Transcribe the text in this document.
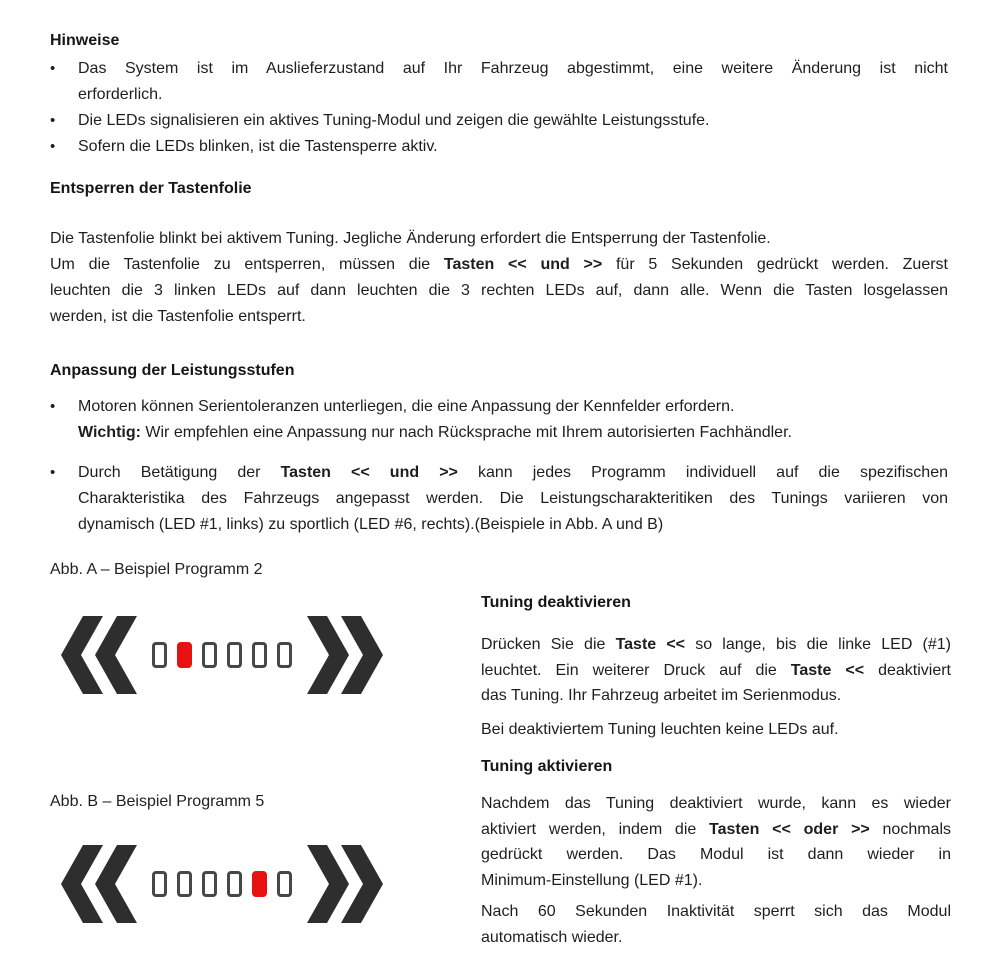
Hinweise
•	Das System ist im Auslieferzustand auf Ihr Fahrzeug abgestimmt, eine weitere Änderung ist nicht
erforderlich.
•	Die LEDs signalisieren ein aktives Tuning-Modul und zeigen die gewählte Leistungsstufe.
•	Sofern die LEDs blinken, ist die Tastensperre aktiv.
Entsperren der Tastenfolie
Die Tastenfolie blinkt bei aktivem Tuning. Jegliche Änderung erfordert die Entsperrung der Tastenfolie.
Um die Tastenfolie zu entsperren, müssen die Tasten << und >> für 5 Sekunden gedrückt werden. Zuerst
leuchten die 3 linken LEDs auf dann leuchten die 3 rechten LEDs auf, dann alle. Wenn die Tasten losgelassen
werden, ist die Tastenfolie entsperrt.
Anpassung der Leistungsstufen
•	Motoren können Serientoleranzen unterliegen, die eine Anpassung der Kennfelder erfordern.
Wichtig: Wir empfehlen eine Anpassung nur nach Rücksprache mit Ihrem autorisierten Fachhändler.
•	Durch Betätigung der Tasten << und >> kann jedes Programm individuell auf die spezifischen
Charakteristika des Fahrzeugs angepasst werden. Die Leistungscharakteritiken des Tunings variieren von
dynamisch (LED #1, links) zu sportlich (LED #6, rechts).(Beispiele in Abb. A und B)
Abb. A – Beispiel Programm 2
Abb. B – Beispiel Programm 5
Tuning deaktivieren

Drücken Sie die Taste << so lange, bis die linke LED (#1)
leuchtet. Ein weiterer Druck auf die Taste << deaktiviert
das Tuning. Ihr Fahrzeug arbeitet im Serienmodus.

Bei deaktiviertem Tuning leuchten keine LEDs auf.

Tuning aktivieren

Nachdem das Tuning deaktiviert wurde, kann es wieder
aktiviert werden, indem die Tasten << oder >> nochmals
gedrückt werden. Das Modul ist dann wieder in
Minimum-Einstellung (LED #1).

Nach 60 Sekunden Inaktivität sperrt sich das Modul
automatisch wieder.
